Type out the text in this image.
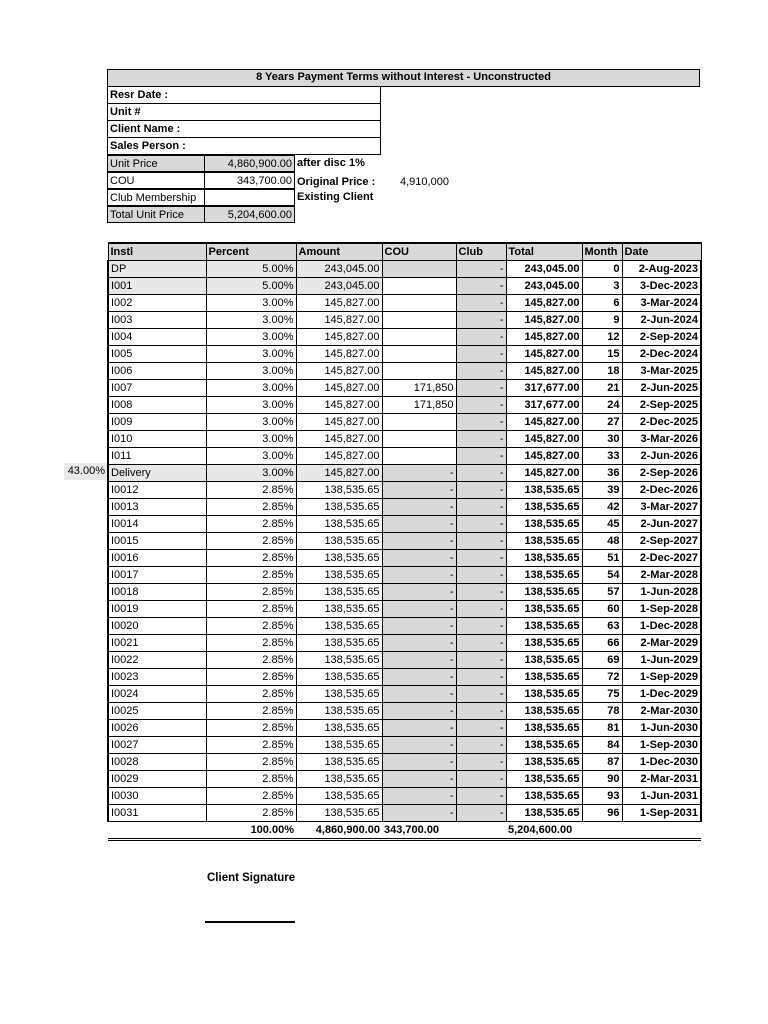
8 Years Payment Terms without Interest - Unconstructed
Resr Date :
Unit #
Client Name :
Sales Person :
Unit Price	4,860,900.00 after disc 1%
COU	343,700.00 Original Price : 4,910,000
Club Membership	Existing Client
Total Unit Price	5,204,600.00
43.00%
Instl	Percent	Amount	COU	Club	Total	Month	Date
DP	5.00%	243,045.00		-	243,045.00	0	2-Aug-2023
I001	5.00%	243,045.00		-	243,045.00	3	3-Dec-2023
I002	3.00%	145,827.00		-	145,827.00	6	3-Mar-2024
I003	3.00%	145,827.00		-	145,827.00	9	2-Jun-2024
I004	3.00%	145,827.00		-	145,827.00	12	2-Sep-2024
I005	3.00%	145,827.00		-	145,827.00	15	2-Dec-2024
I006	3.00%	145,827.00		-	145,827.00	18	3-Mar-2025
I007	3.00%	145,827.00	171,850	-	317,677.00	21	2-Jun-2025
I008	3.00%	145,827.00	171,850	-	317,677.00	24	2-Sep-2025
I009	3.00%	145,827.00		-	145,827.00	27	2-Dec-2025
I010	3.00%	145,827.00		-	145,827.00	30	3-Mar-2026
I011	3.00%	145,827.00		-	145,827.00	33	2-Jun-2026
Delivery	3.00%	145,827.00	-	-	145,827.00	36	2-Sep-2026
I0012	2.85%	138,535.65	-	-	138,535.65	39	2-Dec-2026
I0013	2.85%	138,535.65	-	-	138,535.65	42	3-Mar-2027
I0014	2.85%	138,535.65	-	-	138,535.65	45	2-Jun-2027
I0015	2.85%	138,535.65	-	-	138,535.65	48	2-Sep-2027
I0016	2.85%	138,535.65	-	-	138,535.65	51	2-Dec-2027
I0017	2.85%	138,535.65	-	-	138,535.65	54	2-Mar-2028
I0018	2.85%	138,535.65	-	-	138,535.65	57	1-Jun-2028
I0019	2.85%	138,535.65	-	-	138,535.65	60	1-Sep-2028
I0020	2.85%	138,535.65	-	-	138,535.65	63	1-Dec-2028
I0021	2.85%	138,535.65	-	-	138,535.65	66	2-Mar-2029
I0022	2.85%	138,535.65	-	-	138,535.65	69	1-Jun-2029
I0023	2.85%	138,535.65	-	-	138,535.65	72	1-Sep-2029
I0024	2.85%	138,535.65	-	-	138,535.65	75	1-Dec-2029
I0025	2.85%	138,535.65	-	-	138,535.65	78	2-Mar-2030
I0026	2.85%	138,535.65	-	-	138,535.65	81	1-Jun-2030
I0027	2.85%	138,535.65	-	-	138,535.65	84	1-Sep-2030
I0028	2.85%	138,535.65	-	-	138,535.65	87	1-Dec-2030
I0029	2.85%	138,535.65	-	-	138,535.65	90	2-Mar-2031
I0030	2.85%	138,535.65	-	-	138,535.65	93	1-Jun-2031
I0031	2.85%	138,535.65	-	-	138,535.65	96	1-Sep-2031
	100.00%	4,860,900.00	343,700.00		5,204,600.00		
Client Signature
